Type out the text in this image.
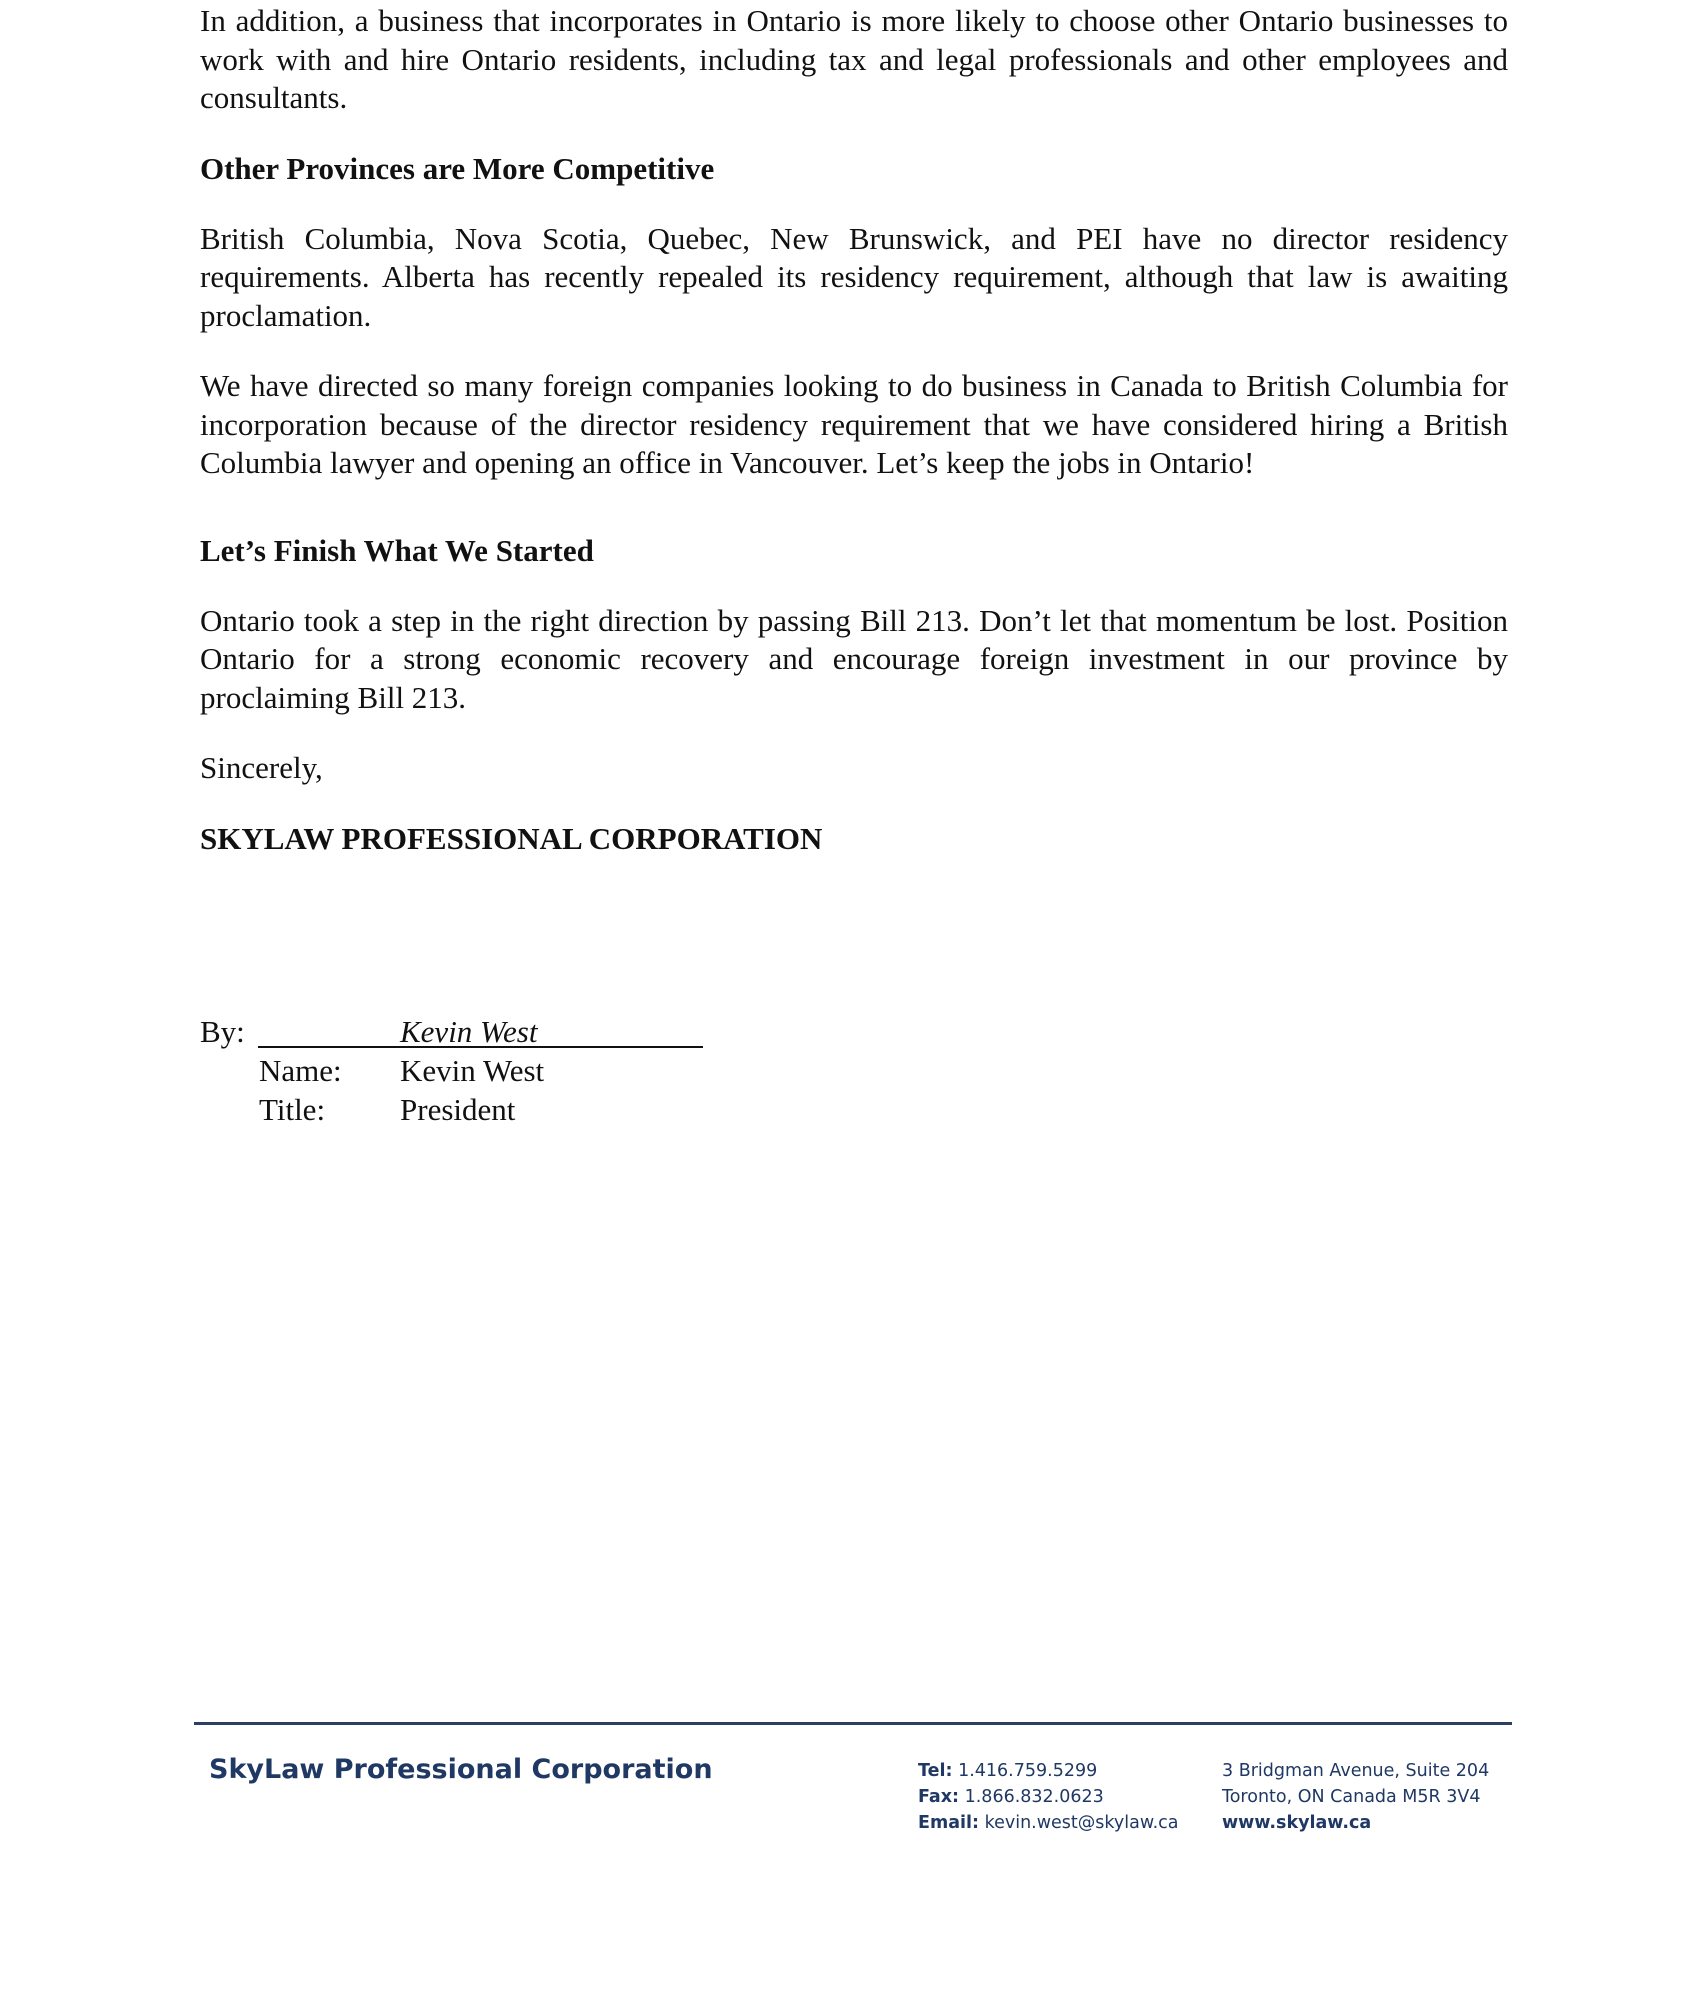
In addition, a business that incorporates in Ontario is more likely to choose other Ontario businesses to work with and hire Ontario residents, including tax and legal professionals and other employees and consultants.

Other Provinces are More Competitive

British Columbia, Nova Scotia, Quebec, New Brunswick, and PEI have no director residency requirements. Alberta has recently repealed its residency requirement, although that law is awaiting proclamation.

We have directed so many foreign companies looking to do business in Canada to British Columbia for incorporation because of the director residency requirement that we have considered hiring a British Columbia lawyer and opening an office in Vancouver. Let’s keep the jobs in Ontario!

Let’s Finish What We Started

Ontario took a step in the right direction by passing Bill 213. Don’t let that momentum be lost. Position Ontario for a strong economic recovery and encourage foreign investment in our province by proclaiming Bill 213.

Sincerely,

SKYLAW PROFESSIONAL CORPORATION

By:	Kevin West
Name: Kevin West
Title: President
SkyLaw Professional Corporation	Tel: 1.416.759.5299
Fax: 1.866.832.0623
Email: kevin.west@skylaw.ca
3 Bridgman Avenue, Suite 204
Toronto, ON Canada M5R 3V4
www.skylaw.ca
